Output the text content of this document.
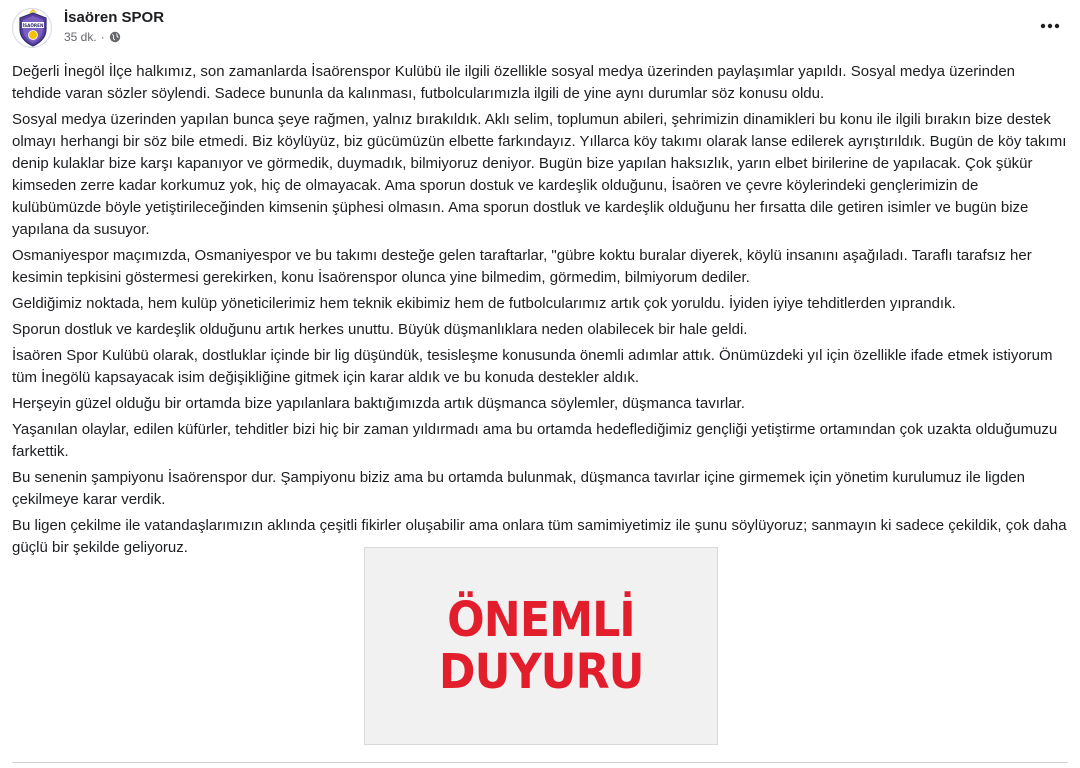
İSAÖREN İsaören SPOR
35 dk. ·

Değerli İnegöl İlçe halkımız, son zamanlarda İsaörenspor Kulübü ile ilgili özellikle sosyal medya üzerinden paylaşımlar yapıldı. Sosyal medya üzerinden tehdide varan sözler söylendi. Sadece bununla da kalınması, futbolcularımızla ilgili de yine aynı durumlar söz konusu oldu.

Sosyal medya üzerinden yapılan bunca şeye rağmen, yalnız bırakıldık. Aklı selim, toplumun abileri, şehrimizin dinamikleri bu konu ile ilgili bırakın bize destek olmayı herhangi bir söz bile etmedi. Biz köylüyüz, biz gücümüzün elbette farkındayız. Yıllarca köy takımı olarak lanse edilerek ayrıştırıldık. Bugün de köy takımı denip kulaklar bize karşı kapanıyor ve görmedik, duymadık, bilmiyoruz deniyor. Bugün bize yapılan haksızlık, yarın elbet birilerine de yapılacak. Çok şükür kimseden zerre kadar korkumuz yok, hiç de olmayacak. Ama sporun dostuk ve kardeşlik olduğunu, İsaören ve çevre köylerindeki gençlerimizin de kulübümüzde böyle yetiştirileceğinden kimsenin şüphesi olmasın. Ama sporun dostluk ve kardeşlik olduğunu her fırsatta dile getiren isimler ve bugün bize yapılana da susuyor.

Osmaniyespor maçımızda, Osmaniyespor ve bu takımı desteğe gelen taraftarlar, "gübre koktu buralar diyerek, köylü insanını aşağıladı. Taraflı tarafsız her kesimin tepkisini göstermesi gerekirken, konu İsaörenspor olunca yine bilmedim, görmedim, bilmiyorum dediler.

Geldiğimiz noktada, hem kulüp yöneticilerimiz hem teknik ekibimiz hem de futbolcularımız artık çok yoruldu. İyiden iyiye tehditlerden yıprandık.

Sporun dostluk ve kardeşlik olduğunu artık herkes unuttu. Büyük düşmanlıklara neden olabilecek bir hale geldi.

İsaören Spor Kulübü olarak, dostluklar içinde bir lig düşündük, tesisleşme konusunda önemli adımlar attık. Önümüzdeki yıl için özellikle ifade etmek istiyorum tüm İnegölü kapsayacak isim değişikliğine gitmek için karar aldık ve bu konuda destekler aldık.

Herşeyin güzel olduğu bir ortamda bize yapılanlara baktığımızda artık düşmanca söylemler, düşmanca tavırlar.

Yaşanılan olaylar, edilen küfürler, tehditler bizi hiç bir zaman yıldırmadı ama bu ortamda hedeflediğimiz gençliği yetiştirme ortamından çok uzakta olduğumuzu farkettik.

Bu senenin şampiyonu İsaörenspor dur. Şampiyonu biziz ama bu ortamda bulunmak, düşmanca tavırlar içine girmemek için yönetim kurulumuz ile ligden çekilmeye karar verdik.

Bu ligen çekilme ile vatandaşlarımızın aklında çeşitli fikirler oluşabilir ama onlara tüm samimiyetimiz ile şunu söylüyoruz; sanmayın ki sadece çekildik, çok daha güçlü bir şekilde geliyoruz.

ÖNEMLİ
DUYURU
